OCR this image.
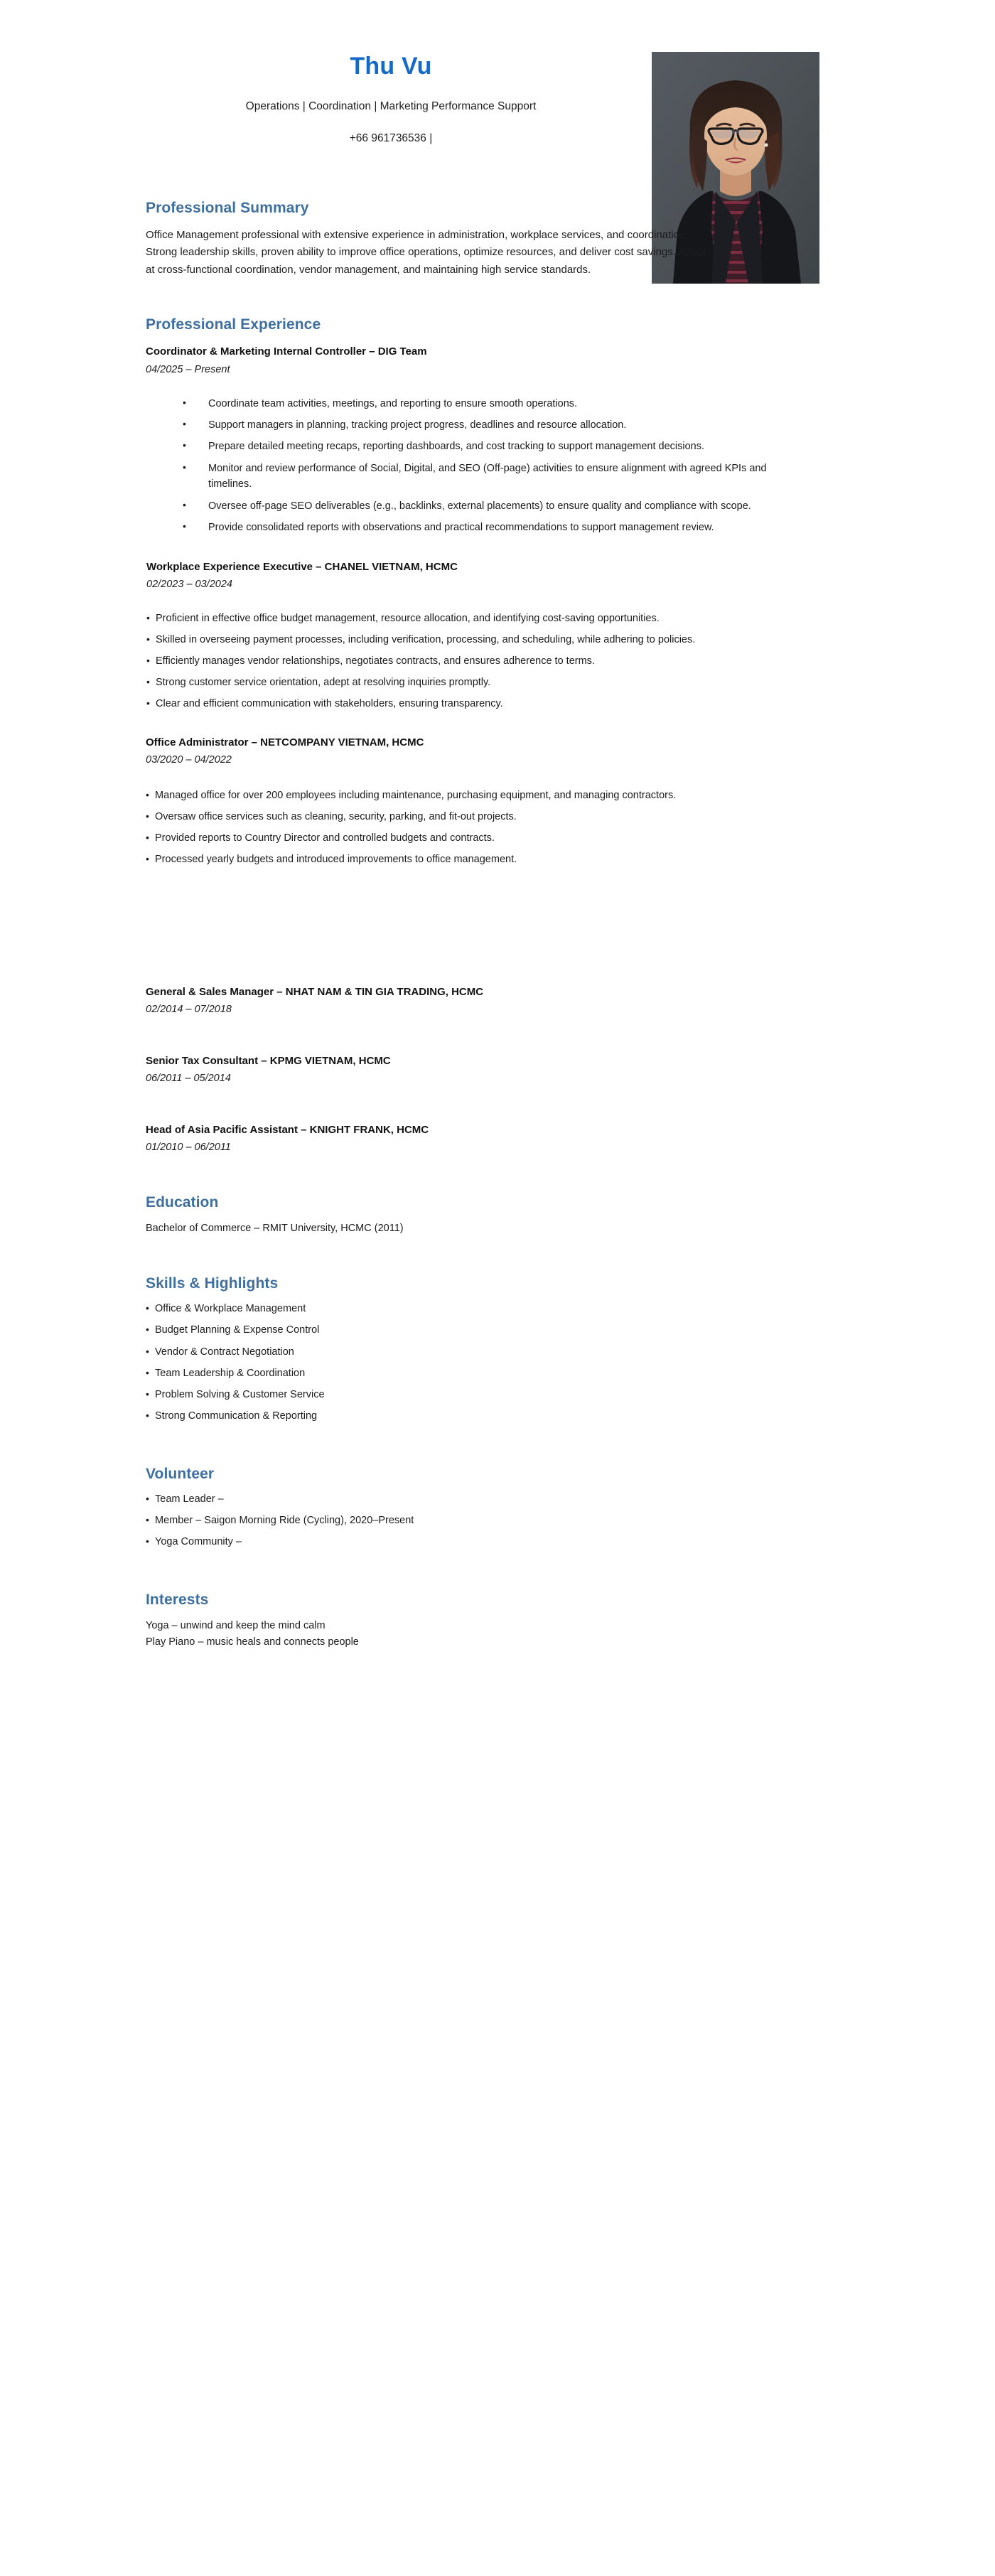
Thu Vu

Operations | Coordination | Marketing Performance Support

+66 961736536 |

Professional Summary

Office Management professional with extensive experience in administration, workplace services, and coordination. Strong leadership skills, proven ability to improve office operations, optimize resources, and deliver cost savings. Adept at cross-functional coordination, vendor management, and maintaining high service standards.

Professional Experience

Coordinator & Marketing Internal Controller – DIG Team

04/2025 – Present

• Coordinate team activities, meetings, and reporting to ensure smooth operations.
• Support managers in planning, tracking project progress, deadlines and resource allocation.
• Prepare detailed meeting recaps, reporting dashboards, and cost tracking to support management decisions.
• Monitor and review performance of Social, Digital, and SEO (Off-page) activities to ensure alignment with agreed KPIs and timelines.
• Oversee off-page SEO deliverables (e.g., backlinks, external placements) to ensure quality and compliance with scope.
• Provide consolidated reports with observations and practical recommendations to support management review.

Workplace Experience Executive – CHANEL VIETNAM, HCMC

02/2023 – 03/2024

• Proficient in effective office budget management, resource allocation, and identifying cost-saving opportunities.
• Skilled in overseeing payment processes, including verification, processing, and scheduling, while adhering to policies.
• Efficiently manages vendor relationships, negotiates contracts, and ensures adherence to terms.
• Strong customer service orientation, adept at resolving inquiries promptly.
• Clear and efficient communication with stakeholders, ensuring transparency.

Office Administrator – NETCOMPANY VIETNAM, HCMC

03/2020 – 04/2022

• Managed office for over 200 employees including maintenance, purchasing equipment, and managing contractors.
• Oversaw office services such as cleaning, security, parking, and fit-out projects.
• Provided reports to Country Director and controlled budgets and contracts.
• Processed yearly budgets and introduced improvements to office management.

General & Sales Manager – NHAT NAM & TIN GIA TRADING, HCMC

02/2014 – 07/2018

Senior Tax Consultant – KPMG VIETNAM, HCMC

06/2011 – 05/2014

Head of Asia Pacific Assistant – KNIGHT FRANK, HCMC

01/2010 – 06/2011

Education

Bachelor of Commerce – RMIT University, HCMC (2011)

Skills & Highlights
• Office & Workplace Management
• Budget Planning & Expense Control
• Vendor & Contract Negotiation
• Team Leadership & Coordination
• Problem Solving & Customer Service
• Strong Communication & Reporting
Volunteer
• Team Leader –
• Member – Saigon Morning Ride (Cycling), 2020–Present
• Yoga Community –
Interests

Yoga – unwind and keep the mind calm

Play Piano – music heals and connects people
